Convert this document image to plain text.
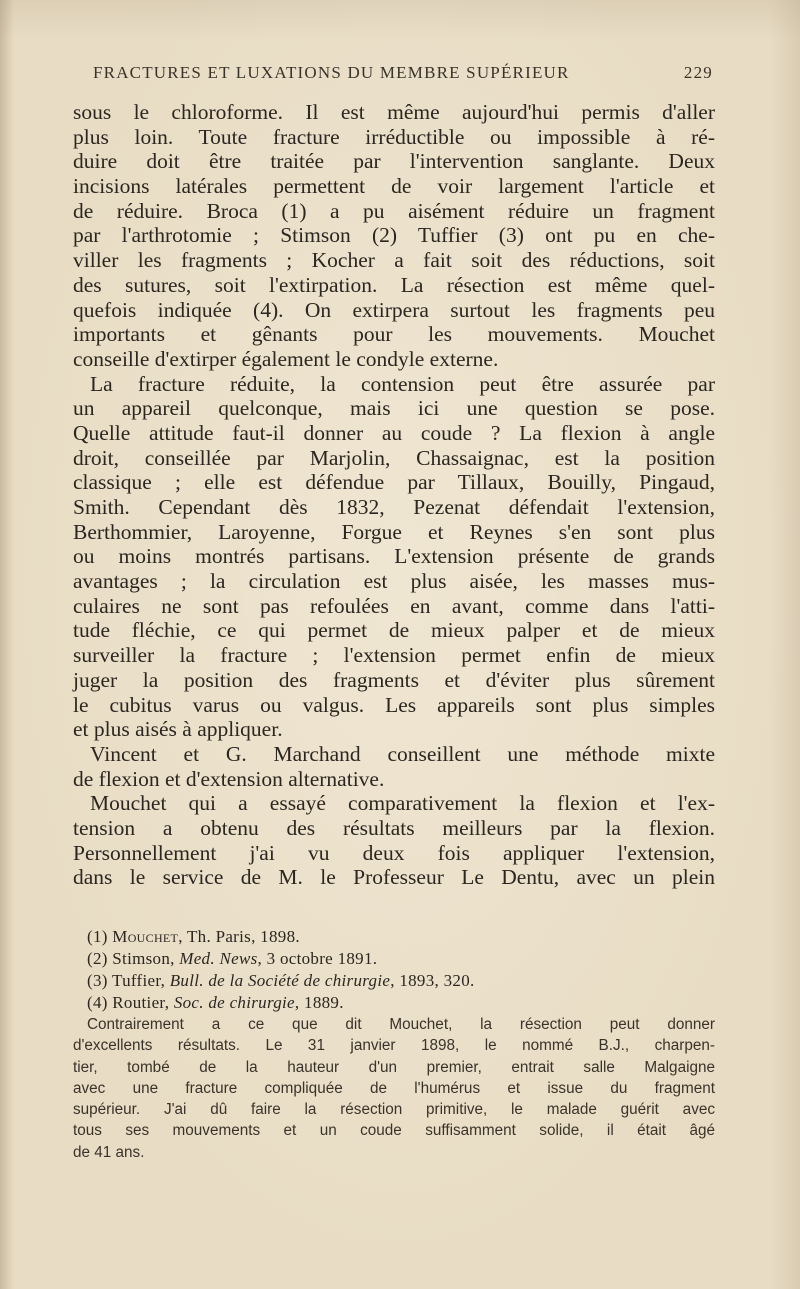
FRACTURES ET LUXATIONS DU MEMBRE SUPÉRIEUR	229
sous le chloroforme. Il est même aujourd'hui permis d'aller
plus loin. Toute fracture irréductible ou impossible à ré-
duire doit être traitée par l'intervention sanglante. Deux
incisions latérales permettent de voir largement l'article et
de réduire. Broca (1) a pu aisément réduire un fragment
par l'arthrotomie ; Stimson (2) Tuffier (3) ont pu en che-
viller les fragments ; Kocher a fait soit des réductions, soit
des sutures, soit l'extirpation. La résection est même quel-
quefois indiquée (4). On extirpera surtout les fragments peu
importants et gênants pour les mouvements. Mouchet
conseille d'extirper également le condyle externe.
La fracture réduite, la contension peut être assurée par
un appareil quelconque, mais ici une question se pose.
Quelle attitude faut-il donner au coude ? La flexion à angle
droit, conseillée par Marjolin, Chassaignac, est la position
classique ; elle est défendue par Tillaux, Bouilly, Pingaud,
Smith. Cependant dès 1832, Pezenat défendait l'extension,
Berthommier, Laroyenne, Forgue et Reynes s'en sont plus
ou moins montrés partisans. L'extension présente de grands
avantages ; la circulation est plus aisée, les masses mus-
culaires ne sont pas refoulées en avant, comme dans l'atti-
tude fléchie, ce qui permet de mieux palper et de mieux
surveiller la fracture ; l'extension permet enfin de mieux
juger la position des fragments et d'éviter plus sûrement
le cubitus varus ou valgus. Les appareils sont plus simples
et plus aisés à appliquer.
Vincent et G. Marchand conseillent une méthode mixte
de flexion et d'extension alternative.
Mouchet qui a essayé comparativement la flexion et l'ex-
tension a obtenu des résultats meilleurs par la flexion.
Personnellement j'ai vu deux fois appliquer l'extension,
dans le service de M. le Professeur Le Dentu, avec un plein
(1) Mouchet, Th. Paris, 1898.
(2) Stimson, Med. News, 3 octobre 1891.
(3) Tuffier, Bull. de la Société de chirurgie, 1893, 320.
(4) Routier, Soc. de chirurgie, 1889.
Contrairement a ce que dit Mouchet, la résection peut donner
d'excellents résultats. Le 31 janvier 1898, le nommé B.J., charpen-
tier, tombé de la hauteur d'un premier, entrait salle Malgaigne
avec une fracture compliquée de l'humérus et issue du fragment
supérieur. J'ai dû faire la résection primitive, le malade guérit avec
tous ses mouvements et un coude suffisamment solide, il était âgé
de 41 ans.
